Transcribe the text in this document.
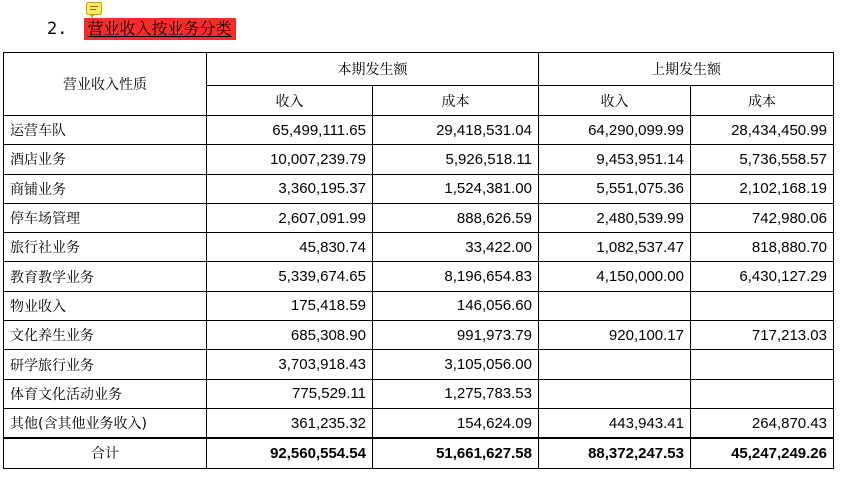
2. 营业收入按业务分类
营业收入性质	本期发生额		上期发生额	
	收入	成本	收入	成本
运营车队	65,499,111.65	29,418,531.04	64,290,099.99	28,434,450.99
酒店业务	10,007,239.79	5,926,518.11	9,453,951.14	5,736,558.57
商铺业务	3,360,195.37	1,524,381.00	5,551,075.36	2,102,168.19
停车场管理	2,607,091.99	888,626.59	2,480,539.99	742,980.06
旅行社业务	45,830.74	33,422.00	1,082,537.47	818,880.70
教育教学业务	5,339,674.65	8,196,654.83	4,150,000.00	6,430,127.29
物业收入	175,418.59	146,056.60		
文化养生业务	685,308.90	991,973.79	920,100.17	717,213.03
研学旅行业务	3,703,918.43	3,105,056.00		
体育文化活动业务	775,529.11	1,275,783.53		
其他(含其他业务收入)	361,235.32	154,624.09	443,943.41	264,870.43
合计	92,560,554.54	51,661,627.58	88,372,247.53	45,247,249.26
